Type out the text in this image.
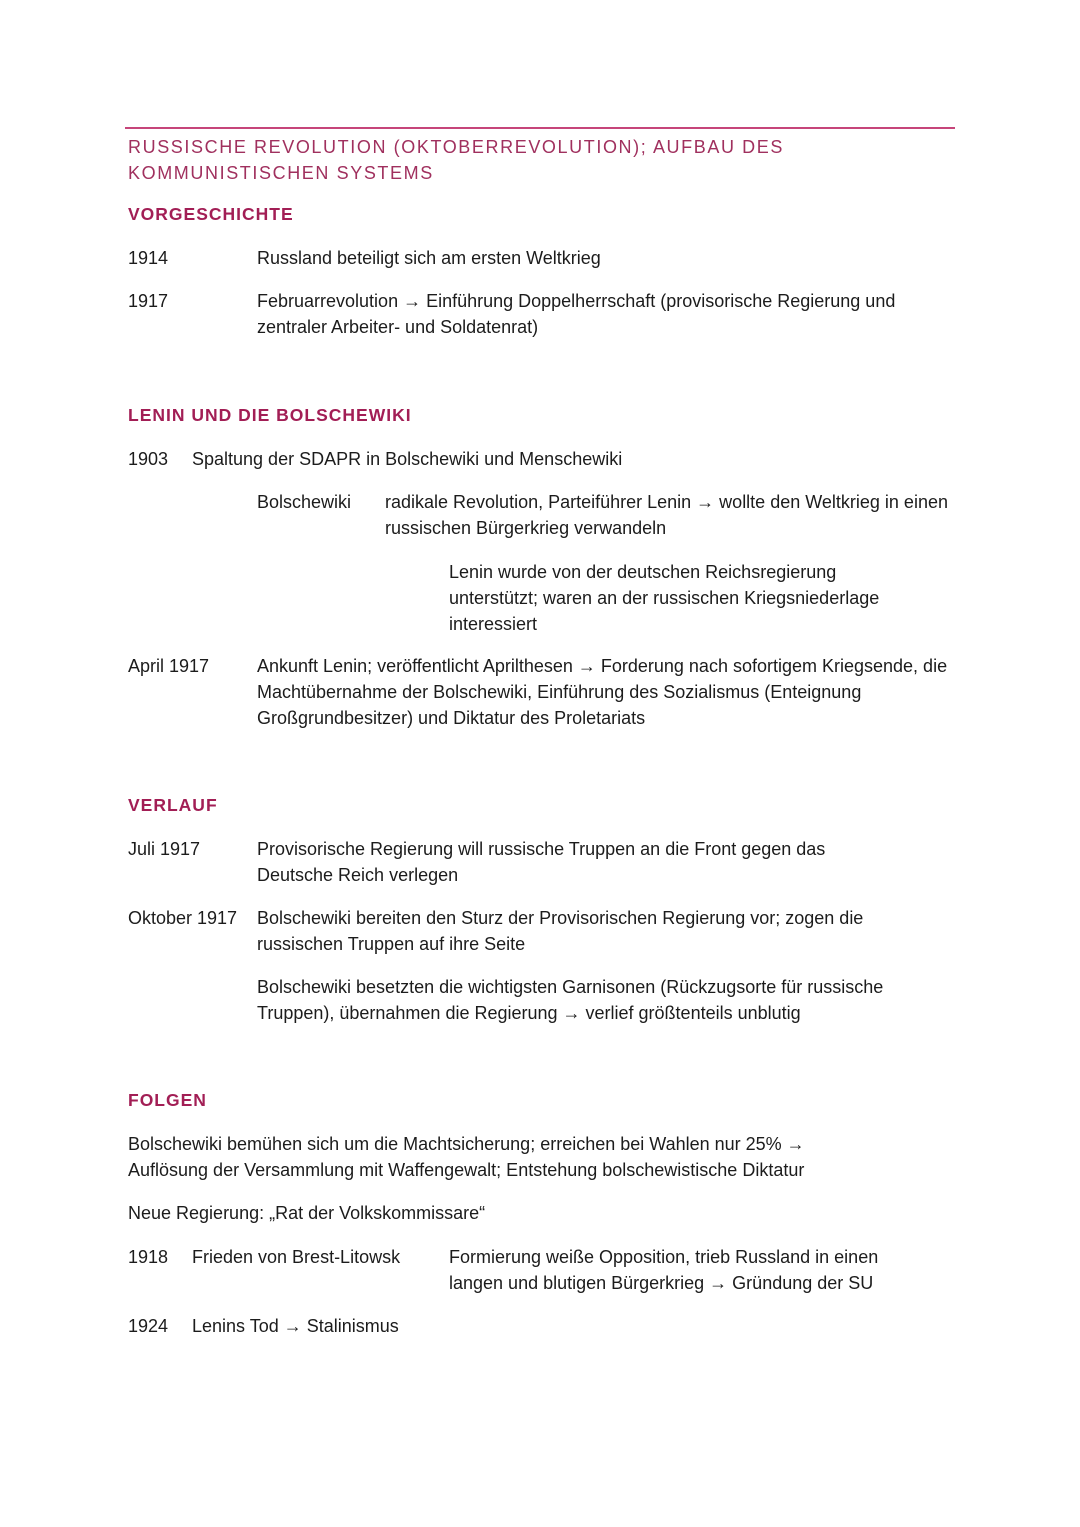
RUSSISCHE REVOLUTION (OKTOBERREVOLUTION); AUFBAU DES KOMMUNISTISCHEN SYSTEMS
VORGESCHICHTE
1914	Russland beteiligt sich am ersten Weltkrieg
1917	Februarrevolution → Einführung Doppelherrschaft (provisorische Regierung und zentraler Arbeiter- und Soldatenrat)
LENIN UND DIE BOLSCHEWIKI
1903 Spaltung der SDAPR in Bolschewiki und Menschewiki
Bolschewiki radikale Revolution, Parteiführer Lenin → wollte den Weltkrieg in einen russischen Bürgerkrieg verwandeln
Lenin wurde von der deutschen Reichsregierung unterstützt; waren an der russischen Kriegsniederlage interessiert
April 1917	Ankunft Lenin; veröffentlicht Aprilthesen → Forderung nach sofortigem Kriegsende, die Machtübernahme der Bolschewiki, Einführung des Sozialismus (Enteignung Großgrundbesitzer) und Diktatur des Proletariats
VERLAUF
Juli 1917	Provisorische Regierung will russische Truppen an die Front gegen das Deutsche Reich verlegen
Oktober 1917 Bolschewiki bereiten den Sturz der Provisorischen Regierung vor; zogen die russischen Truppen auf ihre Seite
Bolschewiki besetzten die wichtigsten Garnisonen (Rückzugsorte für russische Truppen), übernahmen die Regierung → verlief größtenteils unblutig
FOLGEN
Bolschewiki bemühen sich um die Machtsicherung; erreichen bei Wahlen nur 25% → Auflösung der Versammlung mit Waffengewalt; Entstehung bolschewistische Diktatur
Neue Regierung: „Rat der Volkskommissare“
1918 Frieden von Brest-Litowsk	Formierung weiße Opposition, trieb Russland in einen langen und blutigen Bürgerkrieg → Gründung der SU
1924 Lenins Tod → Stalinismus
